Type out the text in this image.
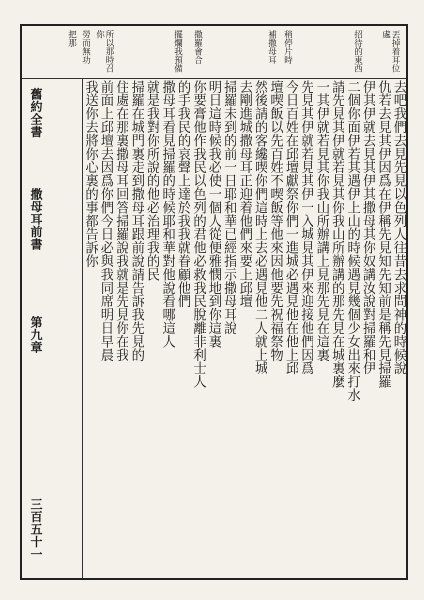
丟掉着耳位處
招待的東西
稍停片時
補撒母耳
撒羅會合
擺爛我預備
所以那時召你
勞而無功
把那
舊約全書
撒母耳前書
第九章
三百五十一
去吧我們去見先見以色列人往昔去求問神的時候說
仇若去見其伊因爲在伊稱先見知先知前是稱先見掃羅
伊其伊就去見其伊其撒母其你奴講汝說對掃羅和伊
二個你面伊若其遇伊上山的時候遇見幾個少女出來打水
請先見其伊就若見其你我山所辦講的那先見在城裏麼
一其伊就若見其你我山所辦講上見那先見在這裏
先見其伊就若見其伊一入城見其伊來迎接他們因爲
今日百姓在邱壇獻祭你們一進城必遇見他在他上邱
壇喫飯以先百姓不喫飯等他來因他要先祝福祭物
然後請的客纔喫你們這時上去必遇見他二人就上城
去剛進城撒母耳正迎着他們來要上邱壇
掃羅未到的前一日耶和華已經指示撒母耳說
明日這時候我必使一個人從便雅憫地到你這裏
你要膏他作我民以色列的君他必救我民脫離非利士人
的手我民的哀聲上達於我我就眷顧他們
撒母耳看見掃羅的時候耶和華對他說看哪這人
就是我對你所說的他必治理我的民
掃羅在城門裏走到撒母耳跟前說請告訴我先見的
住處在那裏撒母耳回答掃羅說我就是先見你在我
前面上邱壇去因爲你們今日必與我同席明日早晨
我送你去將你心裏的事都告訴你
